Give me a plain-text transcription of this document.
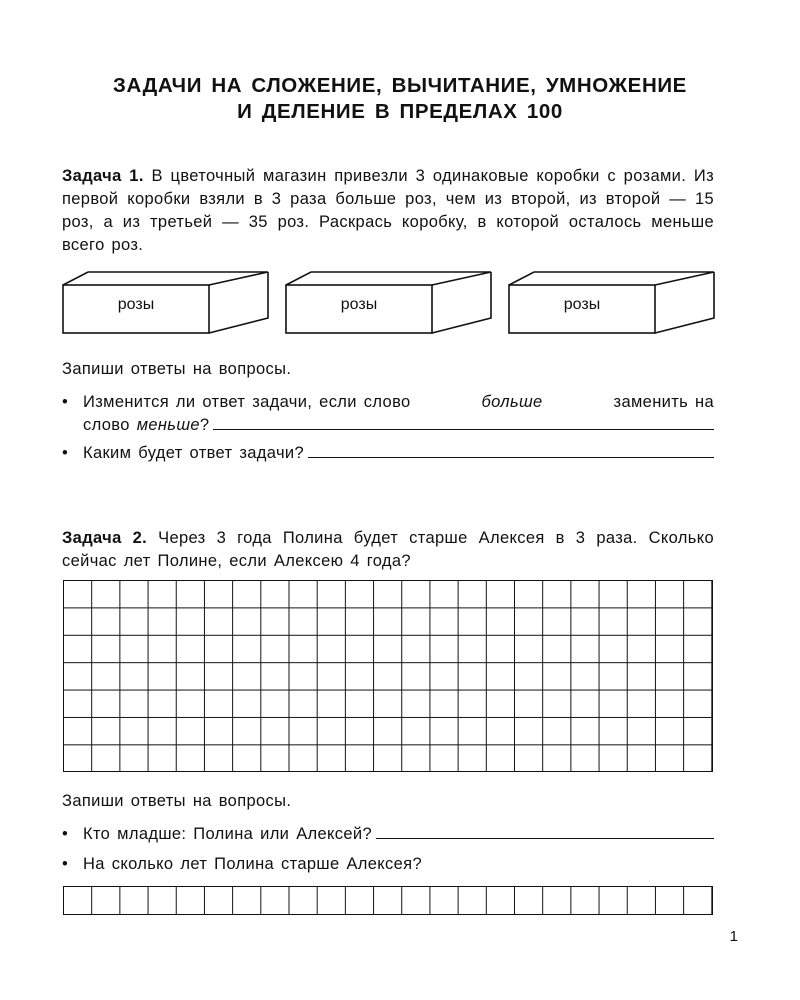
ЗАДАЧИ НА СЛОЖЕНИЕ, ВЫЧИТАНИЕ, УМНОЖЕНИЕ
И ДЕЛЕНИЕ В ПРЕДЕЛАХ 100
Задача 1. В цветочный магазин привезли 3 одинаковые коробки с розами. Из первой коробки взяли в 3 раза больше роз, чем из второй, из второй — 15 роз, а из третьей — 35 роз. Раскрась коробку, в которой осталось меньше всего роз.
розы	розы	розы
Запиши ответы на вопросы.
• Изменится ли ответ задачи, если слово	больше	заменить на
слово
меньше ?
• Каким будет ответ задачи?
Задача 2. Через 3 года Полина будет старше Алексея в 3 раза. Сколько сейчас лет Полине, если Алексею 4 года?
Запиши ответы на вопросы.
• Кто младше: Полина или Алексей?
• На сколько лет Полина старше Алексея?
1
